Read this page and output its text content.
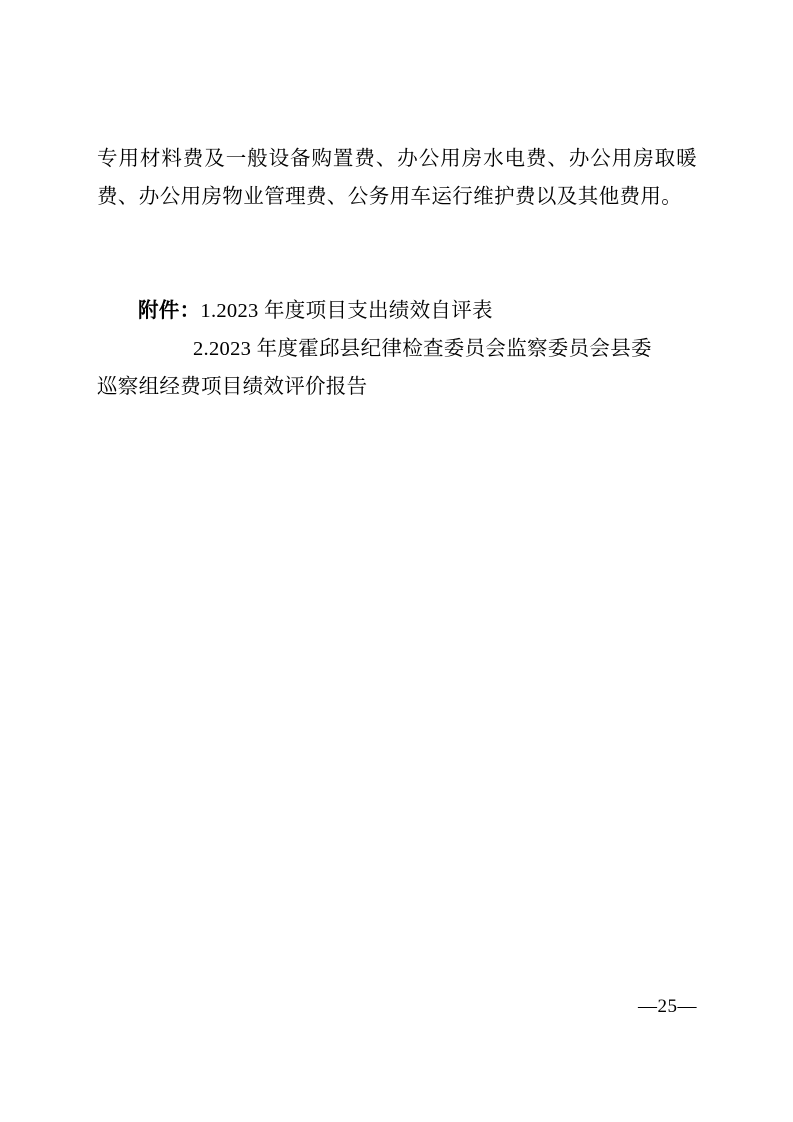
专用材料费及一般设备购置费、办公用房水电费、办公用房取暖费、办公用房物业管理费、公务用车运行维护费以及其他费用。

附件：1.2023 年度项目支出绩效自评表

2.2023 年度霍邱县纪律检查委员会监察委员会县委

巡察组经费项目绩效评价报告

—25—
